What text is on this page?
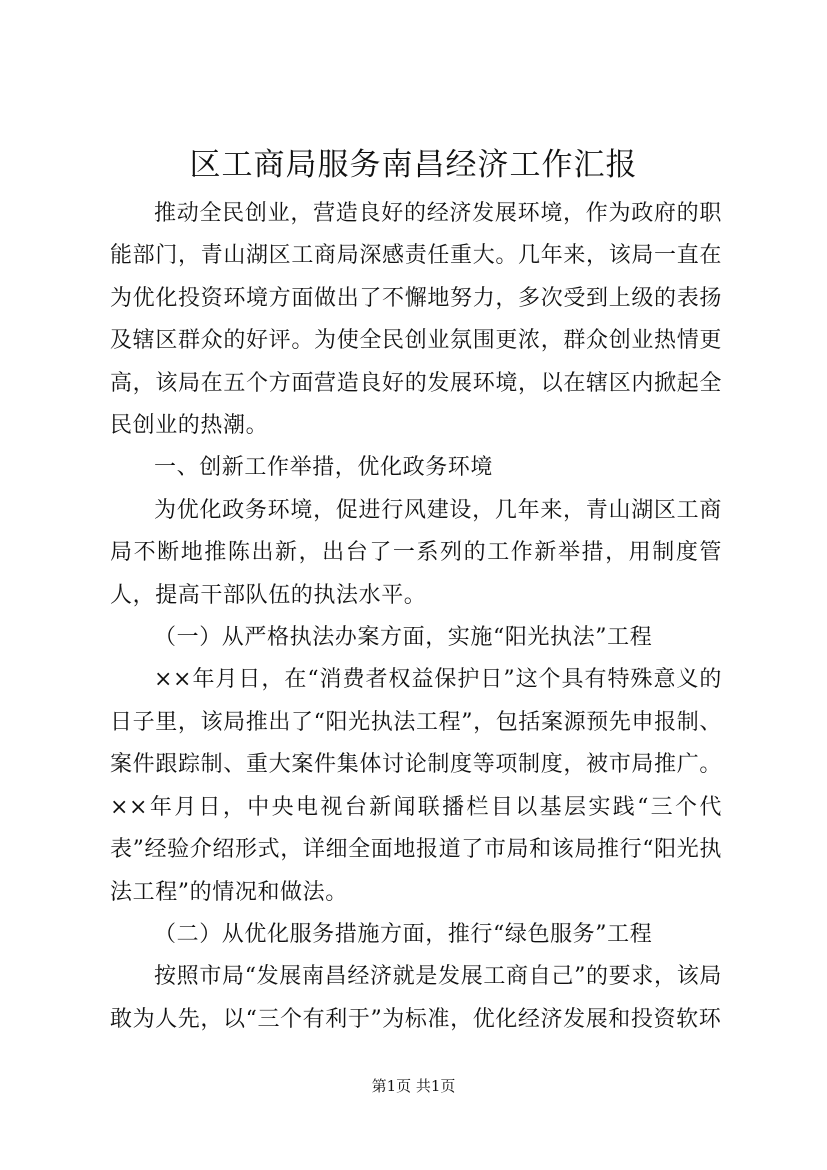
区工商局服务南昌经济工作汇报

推动全民创业，营造良好的经济发展环境，作为政府的职能部门，青山湖区工商局深感责任重大。几年来，该局一直在为优化投资环境方面做出了不懈地努力，多次受到上级的表扬及辖区群众的好评。为使全民创业氛围更浓，群众创业热情更高，该局在五个方面营造良好的发展环境，以在辖区内掀起全民创业的热潮。

一、创新工作举措，优化政务环境

为优化政务环境，促进行风建设，几年来，青山湖区工商局不断地推陈出新，出台了一系列的工作新举措，用制度管人，提高干部队伍的执法水平。

（一）从严格执法办案方面，实施“阳光执法”工程

××年月日，在“消费者权益保护日”这个具有特殊意义的日子里，该局推出了“阳光执法工程”，包括案源预先申报制、案件跟踪制、重大案件集体讨论制度等项制度，被市局推广。××年月日，中央电视台新闻联播栏目以基层实践“三个代表”经验介绍形式，详细全面地报道了市局和该局推行“阳光执法工程”的情况和做法。

（二）从优化服务措施方面，推行“绿色服务”工程

按照市局“发展南昌经济就是发展工商自己”的要求，该局敢为人先，以“三个有利于”为标准，优化经济发展和投资软环

第1页 共1页
